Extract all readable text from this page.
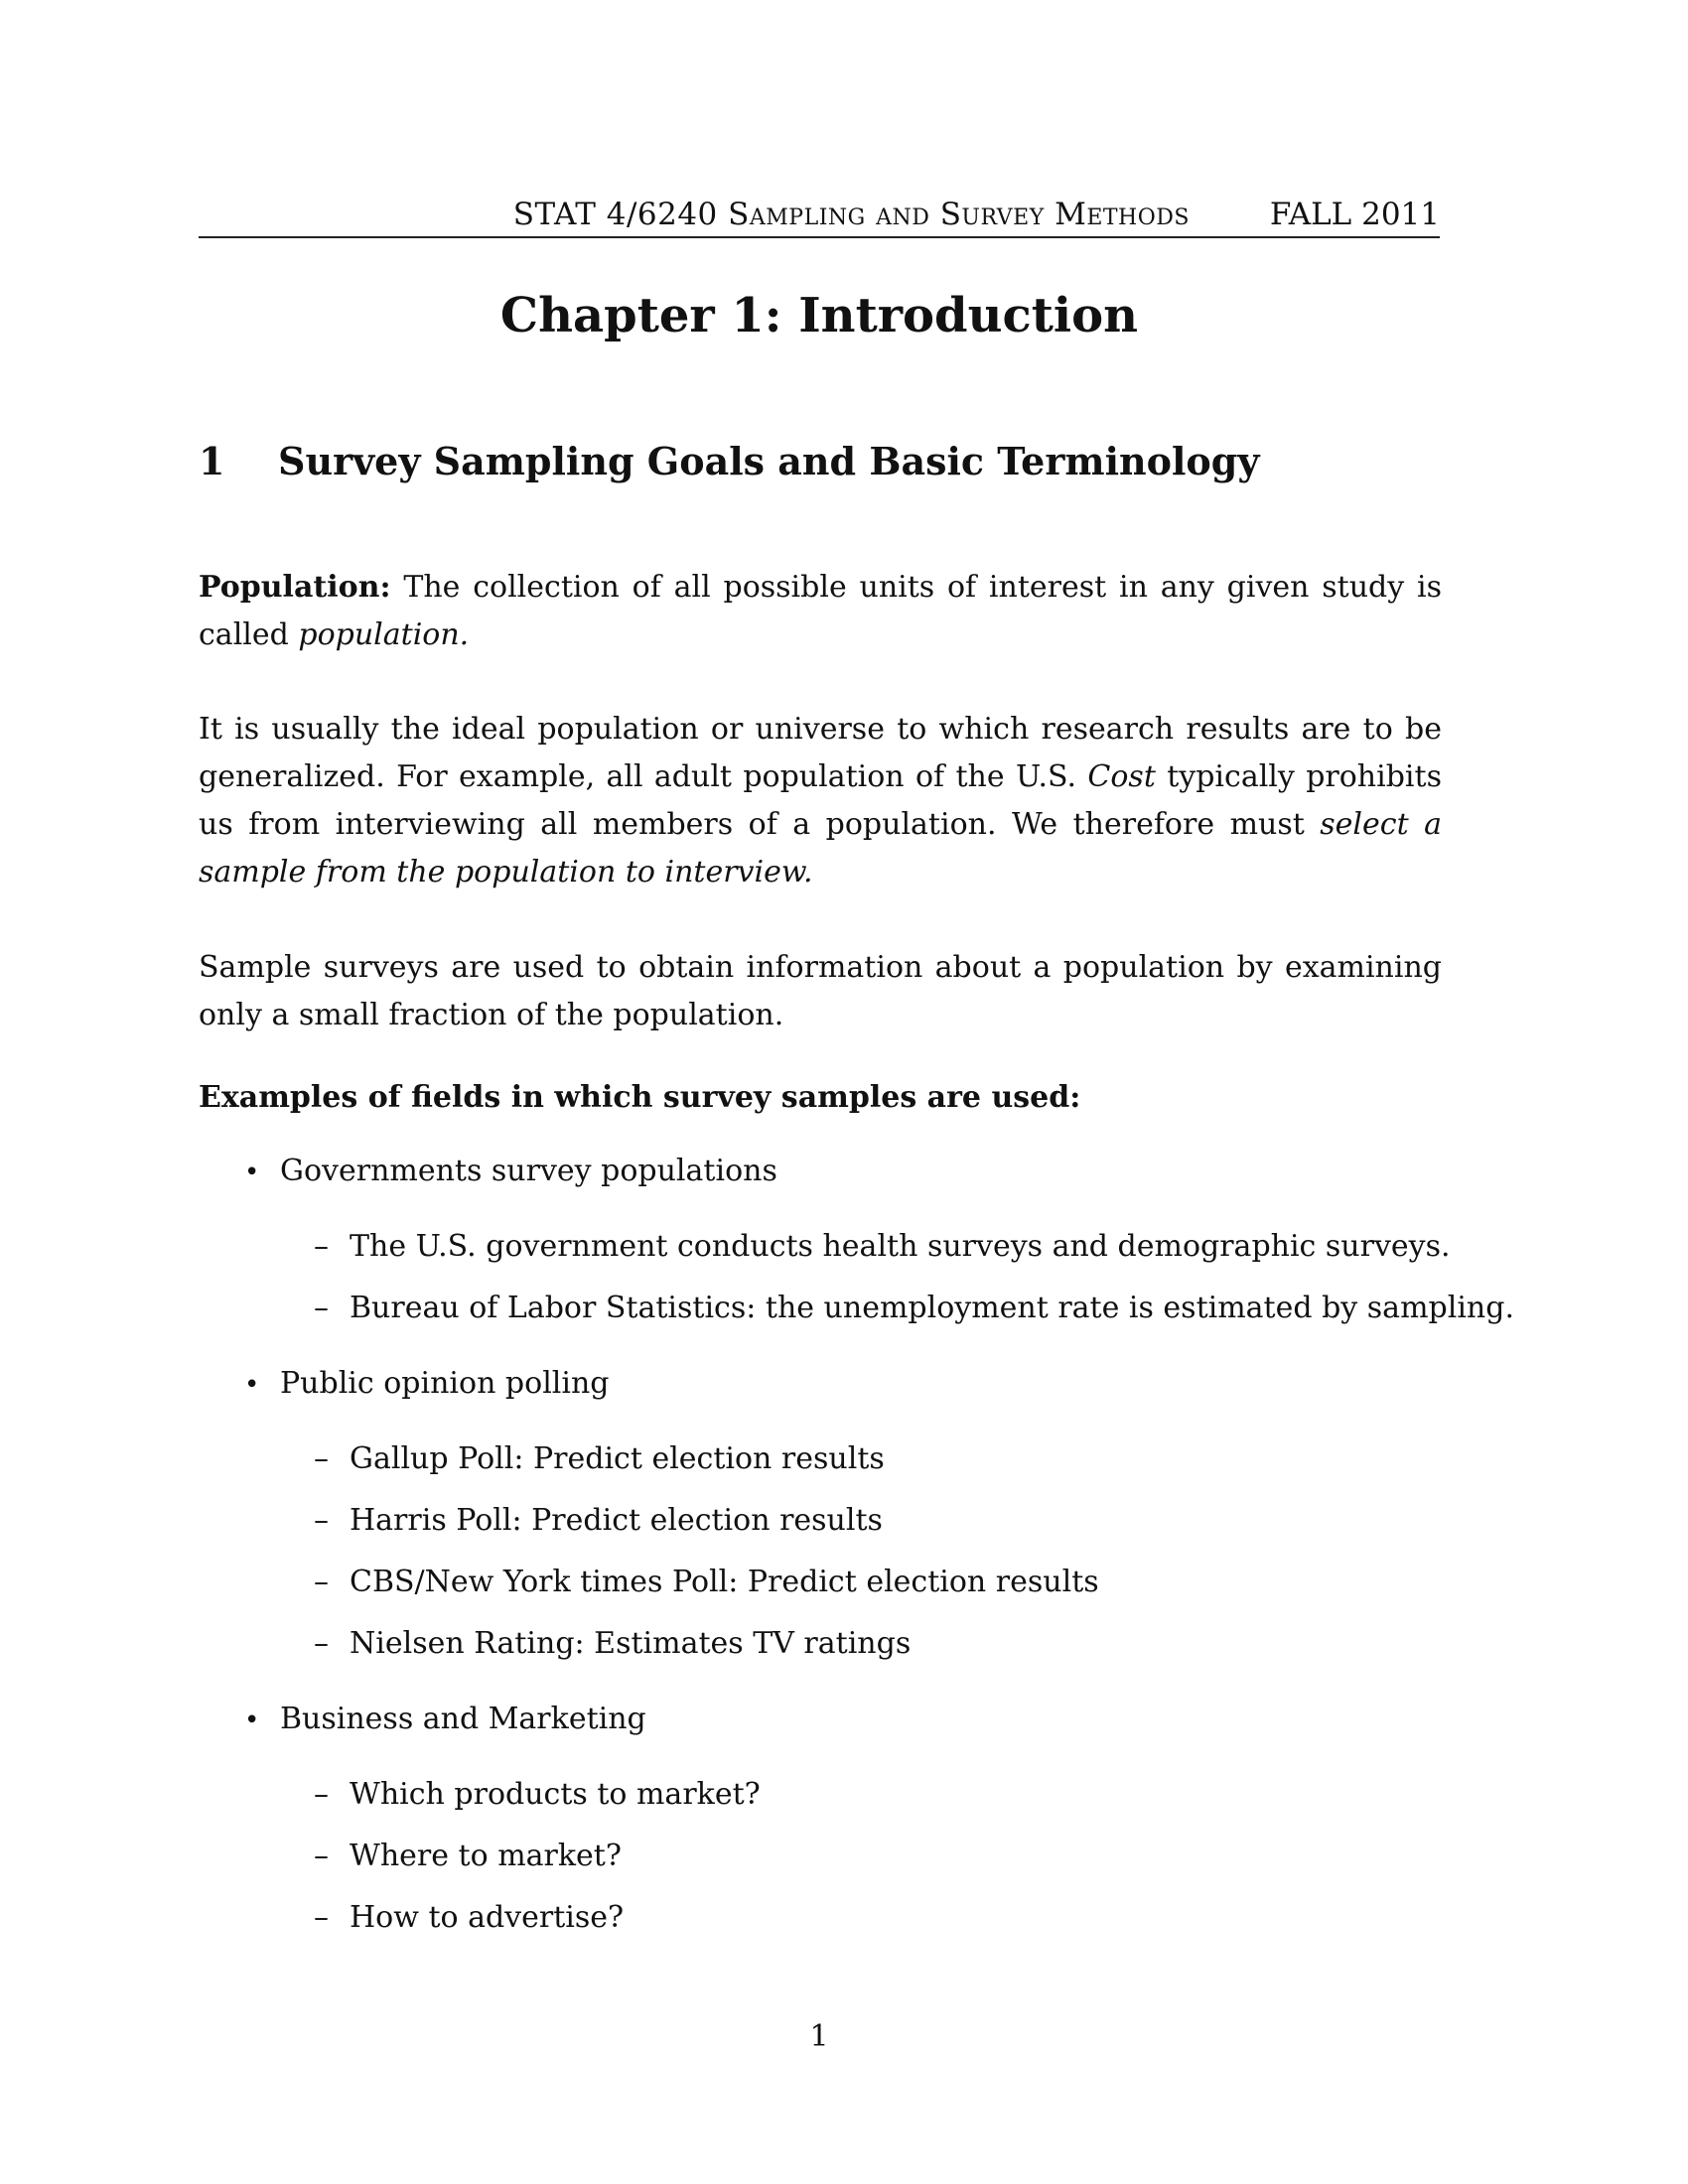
STAT 4/6240 Sampling and Survey Methods	FALL 2011
Chapter 1: Introduction
1 Survey Sampling Goals and Basic Terminology

Population: The collection of all possible units of interest in any given study is called population.

It is usually the ideal population or universe to which research results are to be generalized. For example, all adult population of the U.S. Cost typically prohibits us from interviewing all members of a population. We therefore must select a sample from the population to interview.

Sample surveys are used to obtain information about a population by examining only a small fraction of the population.

Examples of fields in which survey samples are used:

• Governments survey populations

– The U.S. government conducts health surveys and demographic surveys.

– Bureau of Labor Statistics: the unemployment rate is estimated by sampling.

• Public opinion polling

– Gallup Poll: Predict election results

– Harris Poll: Predict election results

– CBS/New York times Poll: Predict election results

– Nielsen Rating: Estimates TV ratings

• Business and Marketing

– Which products to market?

– Where to market?

– How to advertise?

1
